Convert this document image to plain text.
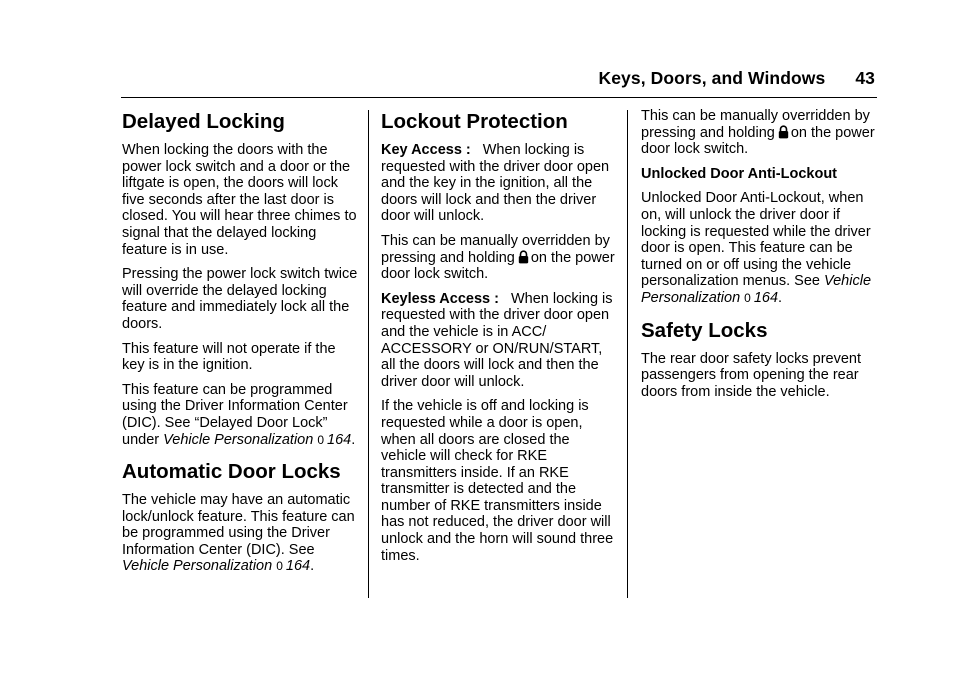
Keys, Doors, and Windows 43
Delayed Locking

When locking the doors with the power lock switch and a door or the liftgate is open, the doors will lock five seconds after the last door is closed. You will hear three chimes to signal that the delayed locking feature is in use.

Pressing the power lock switch twice will override the delayed locking feature and immediately lock all the doors.

This feature will not operate if the key is in the ignition.

This feature can be programmed using the Driver Information Center (DIC). See “Delayed Door Lock” under Vehicle Personalization 0 164.

Automatic Door Locks

The vehicle may have an automatic lock/unlock feature. This feature can be programmed using the Driver Information Center (DIC). See Vehicle Personalization 0 164.

Lockout Protection

Key Access : When locking is requested with the driver door open and the key in the ignition, all the doors will lock and then the driver door will unlock.

This can be manually overridden by pressing and holding on the power door lock switch.

Keyless Access : When locking is requested with the driver door open and the vehicle is in ACC/ ACCESSORY or ON/RUN/START, all the doors will lock and then the driver door will unlock.

If the vehicle is off and locking is requested while a door is open, when all doors are closed the vehicle will check for RKE transmitters inside. If an RKE transmitter is detected and the number of RKE transmitters inside has not reduced, the driver door will unlock and the horn will sound three times.

This can be manually overridden by pressing and holding on the power door lock switch.

Unlocked Door Anti-Lockout

Unlocked Door Anti-Lockout, when on, will unlock the driver door if locking is requested while the driver door is open. This feature can be turned on or off using the vehicle personalization menus. See Vehicle Personalization 0 164.

Safety Locks

The rear door safety locks prevent passengers from opening the rear doors from inside the vehicle.
